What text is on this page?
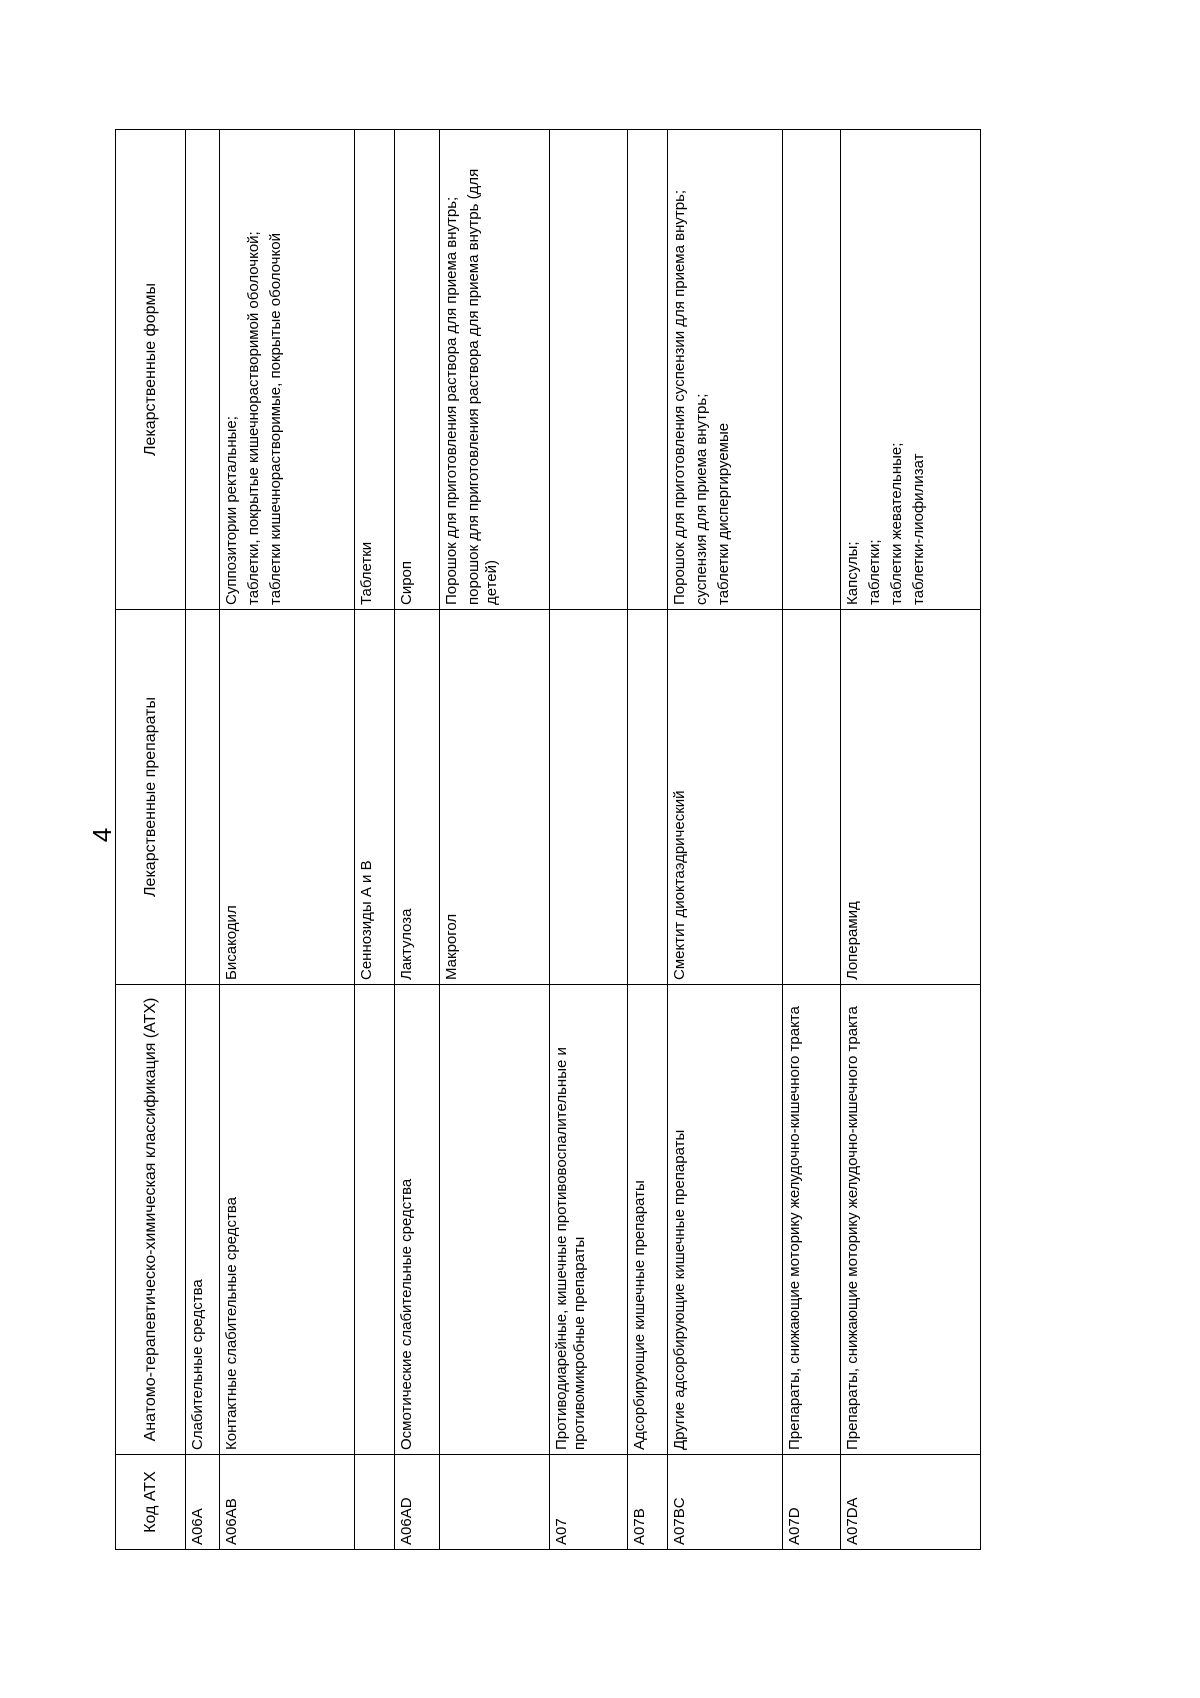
4
Код АТХ	Анатомо-терапевтическо-химическая классификация (АТХ)	Лекарственные препараты	Лекарственные формы
A06A	Слабительные средства		
A06AB	Контактные слабительные средства	Бисакодил	Суппозитории ректальные; таблетки, покрытые кишечнорастворимой оболочкой; таблетки кишечнорастворимые, покрытые оболочкой

		Сеннозиды А и В	Таблетки

A06AD	Осмотические слабительные средства	Лактулоза	Сироп

		Макрогол	Порошок для приготовления раствора для приема внутрь; порошок для приготовления раствора для приема внутрь (для детей)

A07	Противодиарейные, кишечные противовоспалительные и противомикробные препараты		
A07B	Адсорбирующие кишечные препараты		
A07BC	Другие адсорбирующие кишечные препараты	Смектит диоктаэдрический	Порошок для приготовления суспензии для приема внутрь; суспензия для приема внутрь; таблетки диспергируемые

A07D	Препараты, снижающие моторику желудочно-кишечного тракта		
A07DA	Препараты, снижающие моторику желудочно-кишечного тракта	Лоперамид	Капсулы; таблетки; таблетки жевательные; таблетки-лиофилизат
